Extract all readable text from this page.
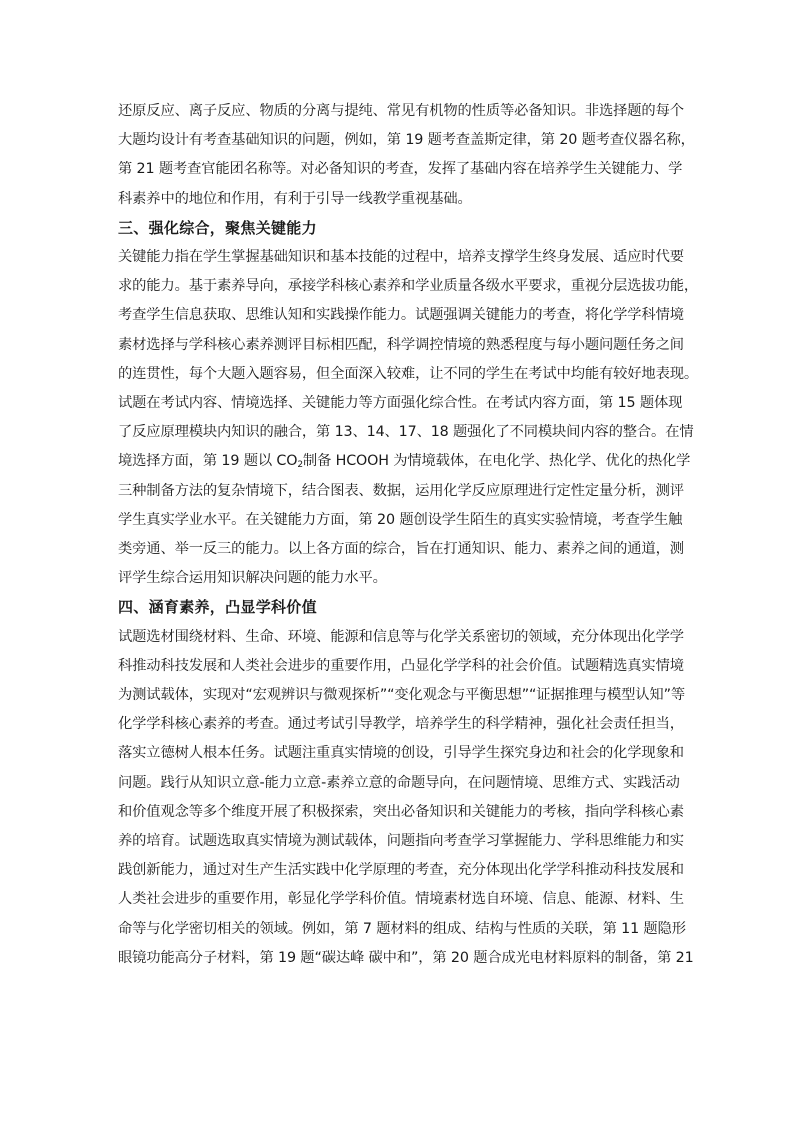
还原反应、离子反应、物质的分离与提纯、常见有机物的性质等必备知识。非选择题的每个
大题均设计有考查基础知识的问题，例如，第 19 题考查盖斯定律，第 20 题考查仪器名称，
第 21 题考查官能团名称等。对必备知识的考查，发挥了基础内容在培养学生关键能力、学
科素养中的地位和作用，有利于引导一线教学重视基础。
三、强化综合，聚焦关键能力
关键能力指在学生掌握基础知识和基本技能的过程中，培养支撑学生终身发展、适应时代要
求的能力。基于素养导向，承接学科核心素养和学业质量各级水平要求，重视分层选拔功能，
考查学生信息获取、思维认知和实践操作能力。试题强调关键能力的考查，将化学学科情境
素材选择与学科核心素养测评目标相匹配，科学调控情境的熟悉程度与每小题问题任务之间
的连贯性，每个大题入题容易，但全面深入较难，让不同的学生在考试中均能有较好地表现。
试题在考试内容、情境选择、关键能力等方面强化综合性。在考试内容方面，第 15 题体现
了反应原理模块内知识的融合，第 13、14、17、18 题强化了不同模块间内容的整合。在情
境选择方面，第 19 题以 $CO_2$制备 HCOOH 为情境载体，在电化学、热化学、优化的热化学
三种制备方法的复杂情境下，结合图表、数据，运用化学反应原理进行定性定量分析，测评
学生真实学业水平。在关键能力方面，第 20 题创设学生陌生的真实实验情境，考查学生触
类旁通、举一反三的能力。以上各方面的综合，旨在打通知识、能力、素养之间的通道，测
评学生综合运用知识解决问题的能力水平。
四、涵育素养，凸显学科价值
试题选材围绕材料、生命、环境、能源和信息等与化学关系密切的领域，充分体现出化学学
科推动科技发展和人类社会进步的重要作用，凸显化学学科的社会价值。试题精选真实情境
为测试载体，实现对“宏观辨识与微观探析”“变化观念与平衡思想”“证据推理与模型认知”等
化学学科核心素养的考查。通过考试引导教学，培养学生的科学精神，强化社会责任担当，
落实立德树人根本任务。试题注重真实情境的创设，引导学生探究身边和社会的化学现象和
问题。践行从知识立意-能力立意-素养立意的命题导向，在问题情境、思维方式、实践活动
和价值观念等多个维度开展了积极探索，突出必备知识和关键能力的考核，指向学科核心素
养的培育。试题选取真实情境为测试载体，问题指向考查学习掌握能力、学科思维能力和实
践创新能力，通过对生产生活实践中化学原理的考查，充分体现出化学学科推动科技发展和
人类社会进步的重要作用，彰显化学学科价值。情境素材选自环境、信息、能源、材料、生
命等与化学密切相关的领域。例如，第 7 题材料的组成、结构与性质的关联，第 11 题隐形
眼镜功能高分子材料，第 19 题“碳达峰 碳中和”，第 20 题合成光电材料原料的制备，第 21
